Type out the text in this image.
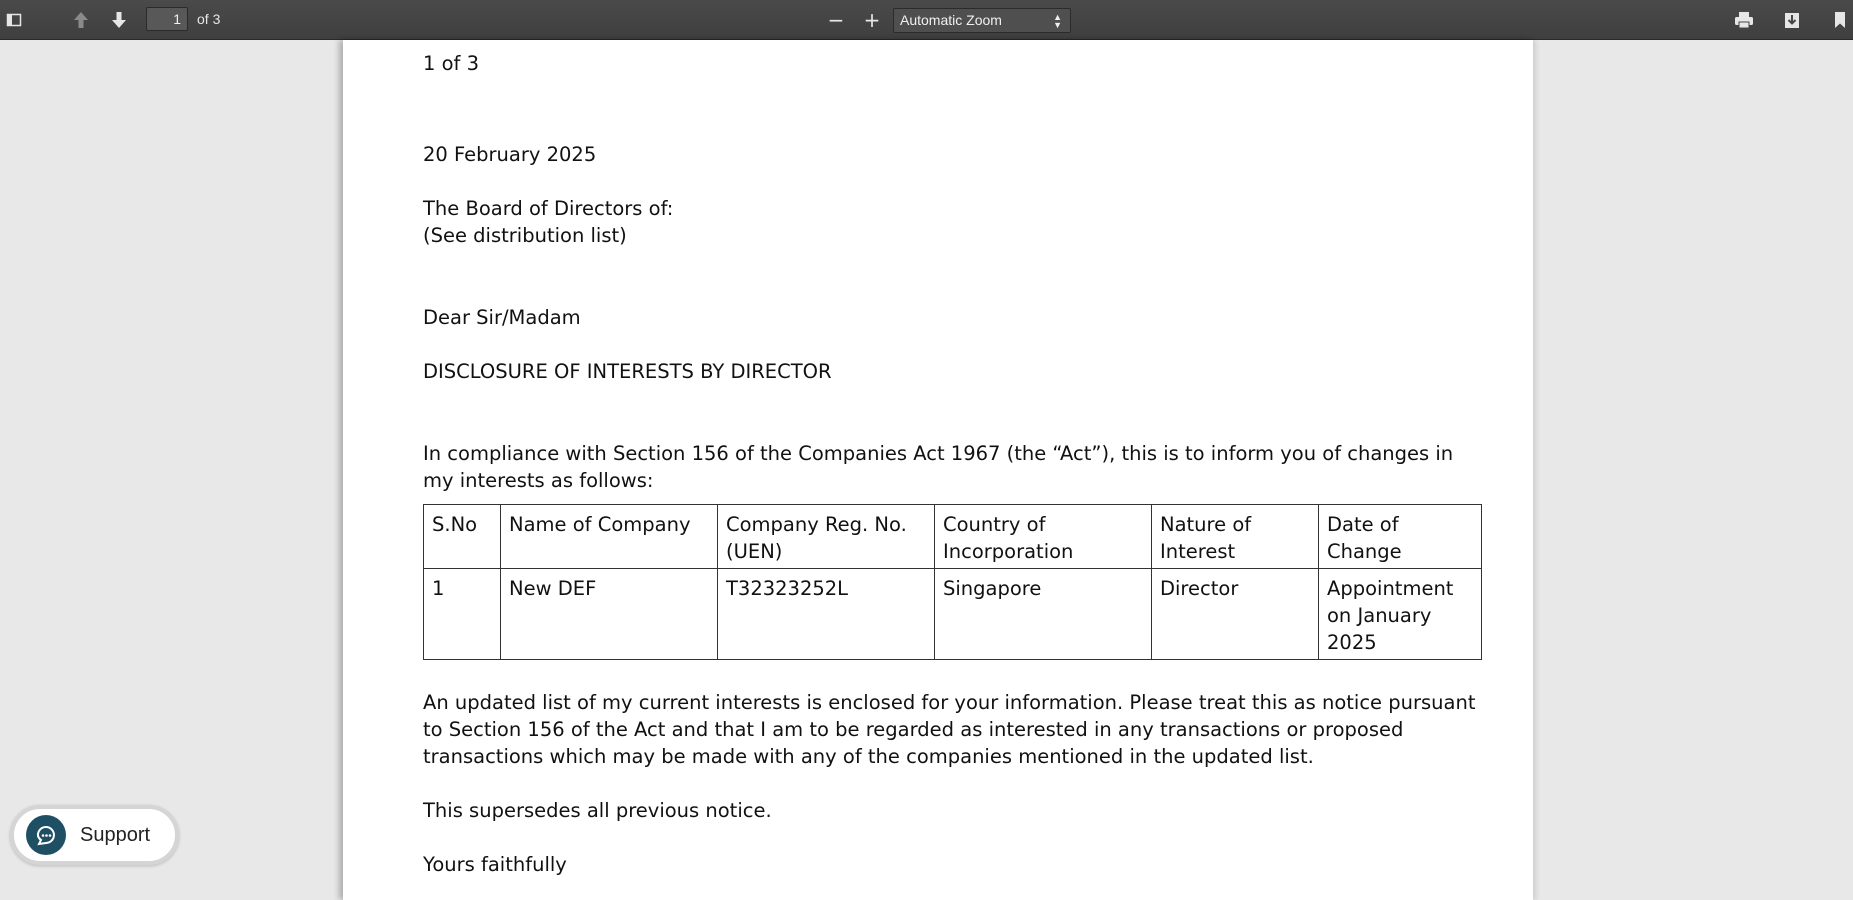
1	of 3	− +	Automatic Zoom	▲
▼

1 of 3

20 February 2025

The Board of Directors of:

(See distribution list)

Dear Sir/Madam

DISCLOSURE OF INTERESTS BY DIRECTOR

In compliance with Section 156 of the Companies Act 1967 (the “Act”), this is to inform you of changes in my interests as follows:

S.No	Name of Company	Company Reg. No. (UEN)	Country of Incorporation	Nature of Interest	Date of Change
1	New DEF	T32323252L	Singapore	Director	Appointment on January 2025

An updated list of my current interests is enclosed for your information. Please treat this as notice pursuant to Section 156 of the Act and that I am to be regarded as interested in any transactions or proposed transactions which may be made with any of the companies mentioned in the updated list.

This supersedes all previous notice.

Yours faithfully

Support
